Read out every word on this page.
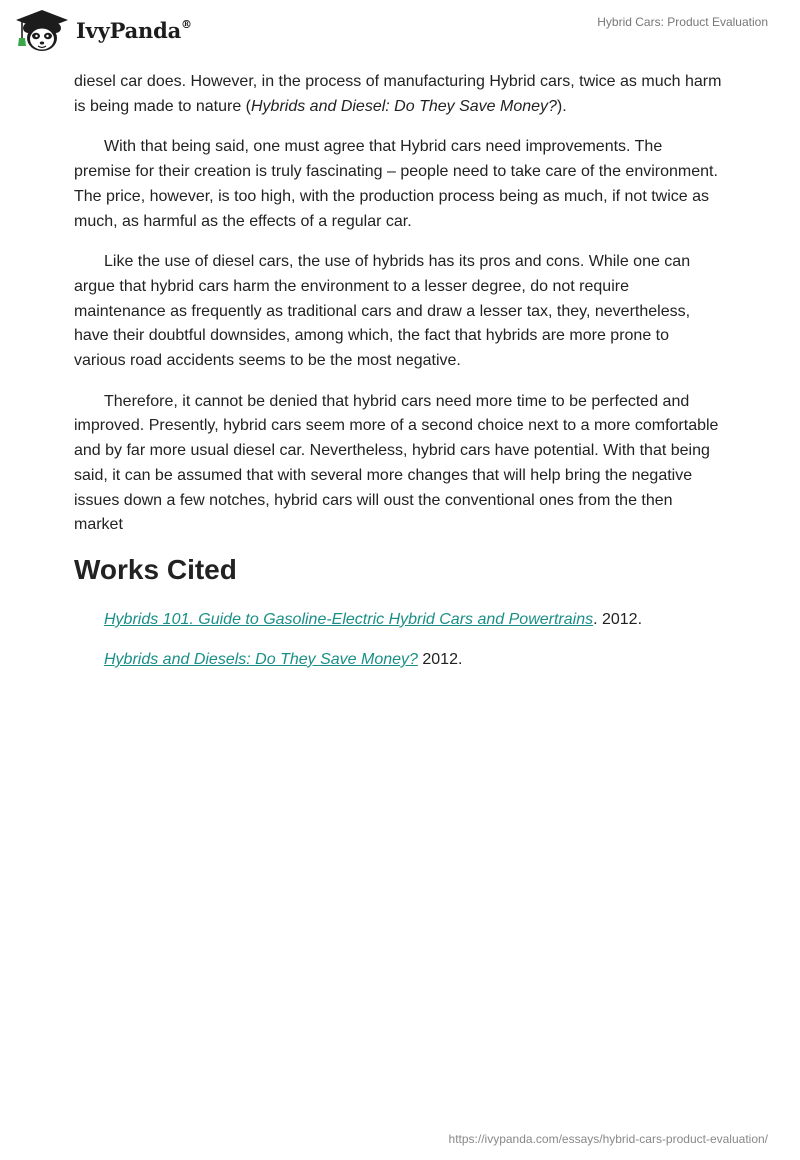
IvyPanda®	Hybrid Cars: Product Evaluation

diesel car does. However, in the process of manufacturing Hybrid cars, twice as much harm is being made to nature (Hybrids and Diesel: Do They Save Money?).

With that being said, one must agree that Hybrid cars need improvements. The premise for their creation is truly fascinating – people need to take care of the environment. The price, however, is too high, with the production process being as much, if not twice as much, as harmful as the effects of a regular car.

Like the use of diesel cars, the use of hybrids has its pros and cons. While one can argue that hybrid cars harm the environment to a lesser degree, do not require maintenance as frequently as traditional cars and draw a lesser tax, they, nevertheless, have their doubtful downsides, among which, the fact that hybrids are more prone to various road accidents seems to be the most negative.

Therefore, it cannot be denied that hybrid cars need more time to be perfected and improved. Presently, hybrid cars seem more of a second choice next to a more comfortable and by far more usual diesel car. Nevertheless, hybrid cars have potential. With that being said, it can be assumed that with several more changes that will help bring the negative issues down a few notches, hybrid cars will oust the conventional ones from the then market

Works Cited
Hybrids 101. Guide to Gasoline-Electric Hybrid Cars and Powertrains. 2012.
Hybrids and Diesels: Do They Save Money? 2012.
https://ivypanda.com/essays/hybrid-cars-product-evaluation/
